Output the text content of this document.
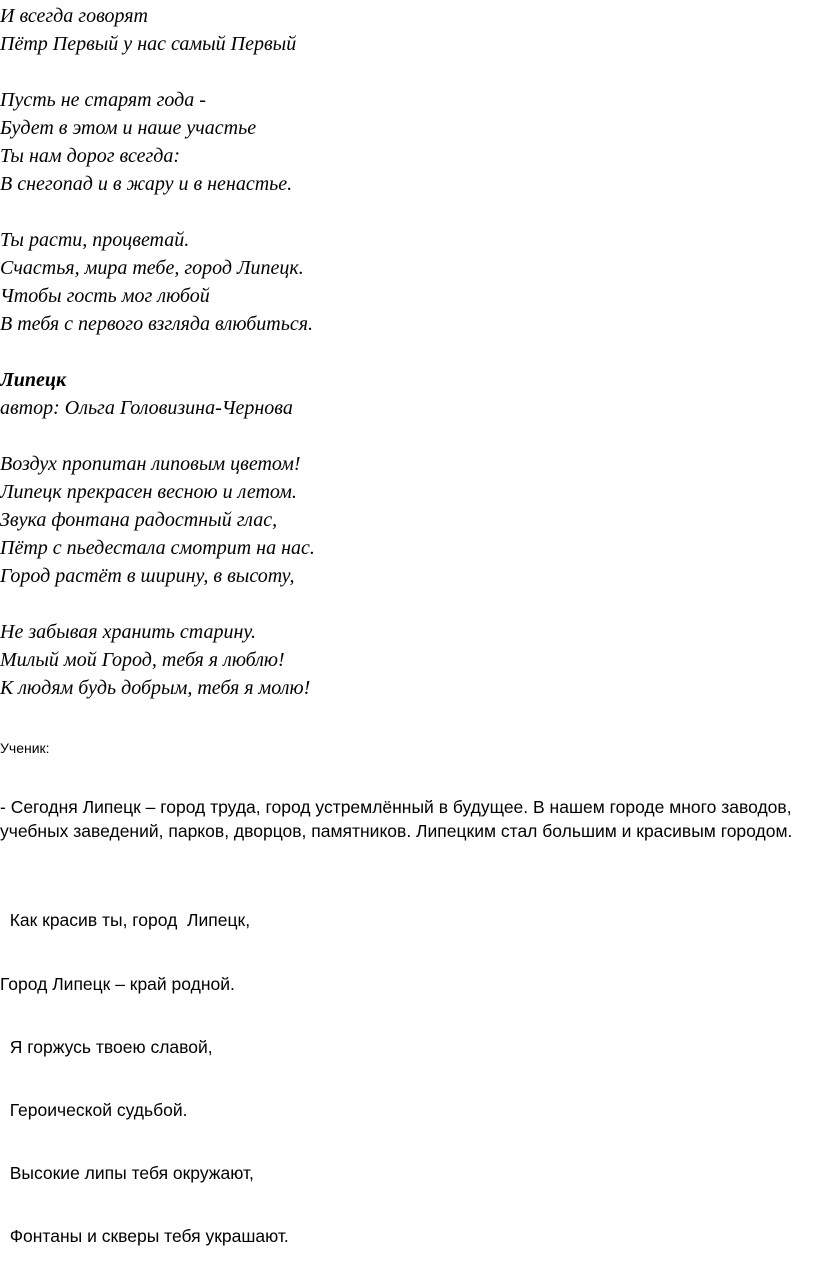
И всегда говорят
Пётр Первый у нас самый Первый
Пусть не старят года -
Будет в этом и наше участье
Ты нам дорог всегда:
В снегопад и в жару и в ненастье.
Ты расти, процветай.
Счастья, мира тебе, город Липецк.
Чтобы гость мог любой
В тебя с первого взгляда влюбиться.
Липецк
автор: Ольга Головизина-Чернова
Воздух пропитан липовым цветом!
Липецк прекрасен весною и летом.
Звука фонтана радостный глас,
Пётр с пьедестала смотрит на нас.
Город растёт в ширину, в высоту,
Не забывая хранить старину.
Милый мой Город, тебя я люблю!
К людям будь добрым, тебя я молю!
Ученик:
- Сегодня Липецк – город труда, город устремлённый в будущее. В нашем городе много заводов, учебных заведений, парков, дворцов, памятников. Липецким стал большим и красивым городом.
Как красив ты, город  Липецк,
Город Липецк – край родной.
Я горжусь твоею славой,
Героической судьбой.
Высокие липы тебя окружают,
Фонтаны и скверы тебя украшают.
